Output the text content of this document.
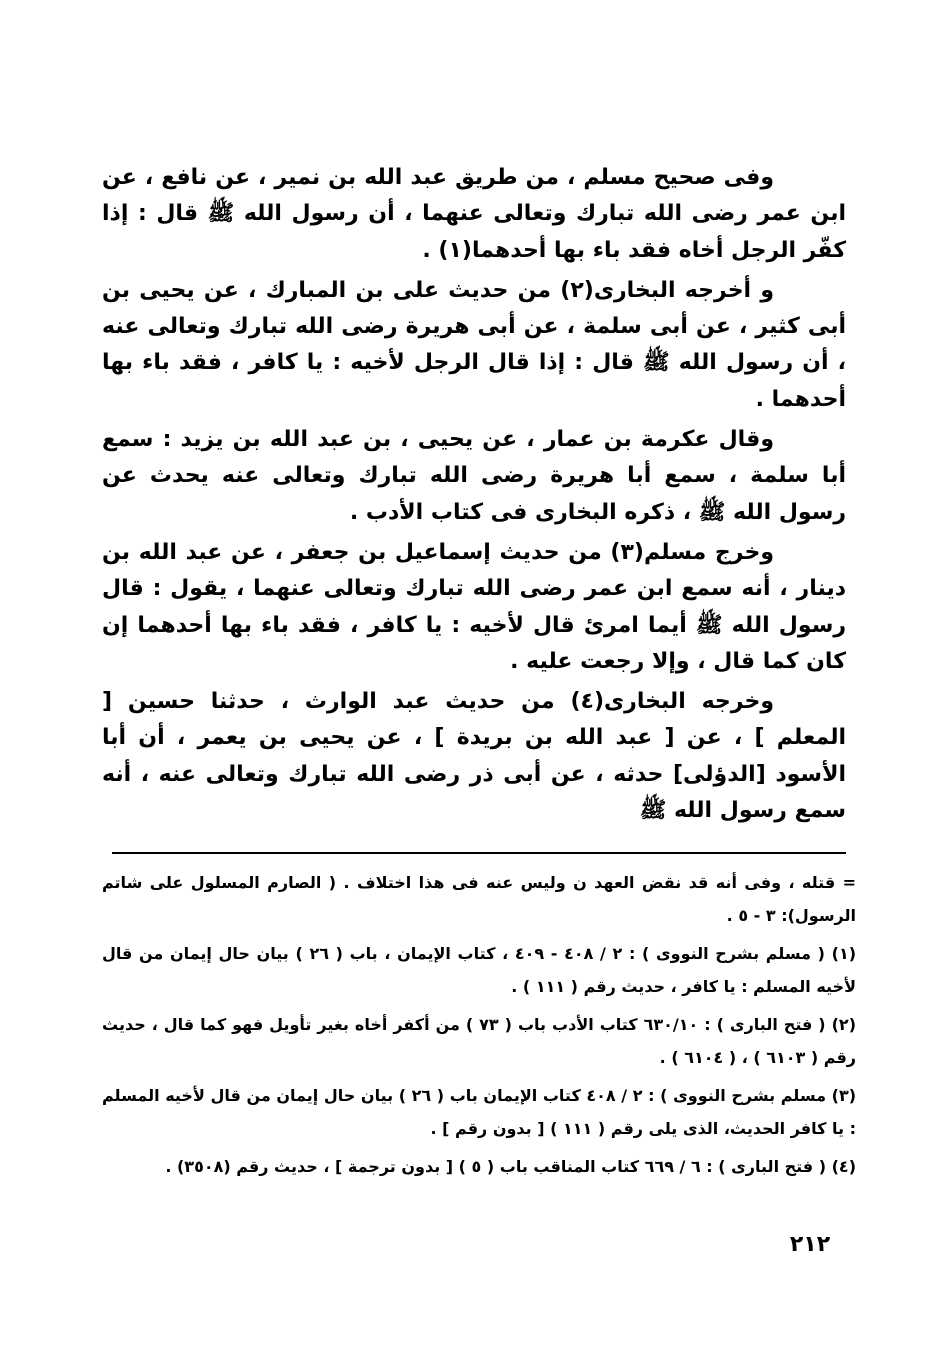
وفى صحيح مسلم ، من طريق عبد الله بن نمير ، عن نافع ، عن ابن عمر رضى الله تبارك وتعالى عنهما ، أن رسول الله ﷺ قال : إذا كفّر الرجل أخاه فقد باء بها أحدهما(١) .

و أخرجه البخارى(٢) من حديث على بن المبارك ، عن يحيى بن أبى كثير ، عن أبى سلمة ، عن أبى هريرة رضى الله تبارك وتعالى عنه ، أن رسول الله ﷺ قال : إذا قال الرجل لأخيه : يا كافر ، فقد باء بها أحدهما .

وقال عكرمة بن عمار ، عن يحيى ، بن عبد الله بن يزيد : سمع أبا سلمة ، سمع أبا هريرة رضى الله تبارك وتعالى عنه يحدث عن رسول الله ﷺ ، ذكره البخارى فى كتاب الأدب .

وخرج مسلم(٣) من حديث إسماعيل بن جعفر ، عن عبد الله بن دينار ، أنه سمع ابن عمر رضى الله تبارك وتعالى عنهما ، يقول : قال رسول الله ﷺ أيما امرئ قال لأخيه : يا كافر ، فقد باء بها أحدهما إن كان كما قال ، وإلا رجعت عليه .

وخرجه البخارى(٤) من حديث عبد الوارث ، حدثنا حسين [ المعلم ] ، عن [ عبد الله بن بريدة ] ، عن يحيى بن يعمر ، أن أبا الأسود [الدؤلى] حدثه ، عن أبى ذر رضى الله تبارك وتعالى عنه ، أنه سمع رسول الله ﷺ

= قتله ، وفى أنه قد نقض العهد ن وليس عنه فى هذا اختلاف . ( الصارم المسلول على شاتم الرسول): ٣ - ٥ .

(١) ( مسلم بشرح النووى ) : ٢ / ٤٠٨ - ٤٠٩ ، كتاب الإيمان ، باب ( ٢٦ ) بيان حال إيمان من قال لأخيه المسلم : يا كافر ، حديث رقم ( ١١١ ) .

(٢) ( فتح البارى ) : ٦٣٠/١٠ كتاب الأدب باب ( ٧٣ ) من أكفر أخاه بغير تأويل فهو كما قال ، حديث رقم ( ٦١٠٣ ) ، ( ٦١٠٤ ) .

(٣) مسلم بشرح النووى ) : ٢ / ٤٠٨ كتاب الإيمان باب ( ٢٦ ) بيان حال إيمان من قال لأخيه المسلم : يا كافر الحديث، الذى يلى رقم ( ١١١ ) [ بدون رقم ] .

(٤) ( فتح البارى ) : ٦ / ٦٦٩ كتاب المناقب باب ( ٥ ) [ بدون ترجمة ] ، حديث رقم (٣٥٠٨) .

٢١٢
